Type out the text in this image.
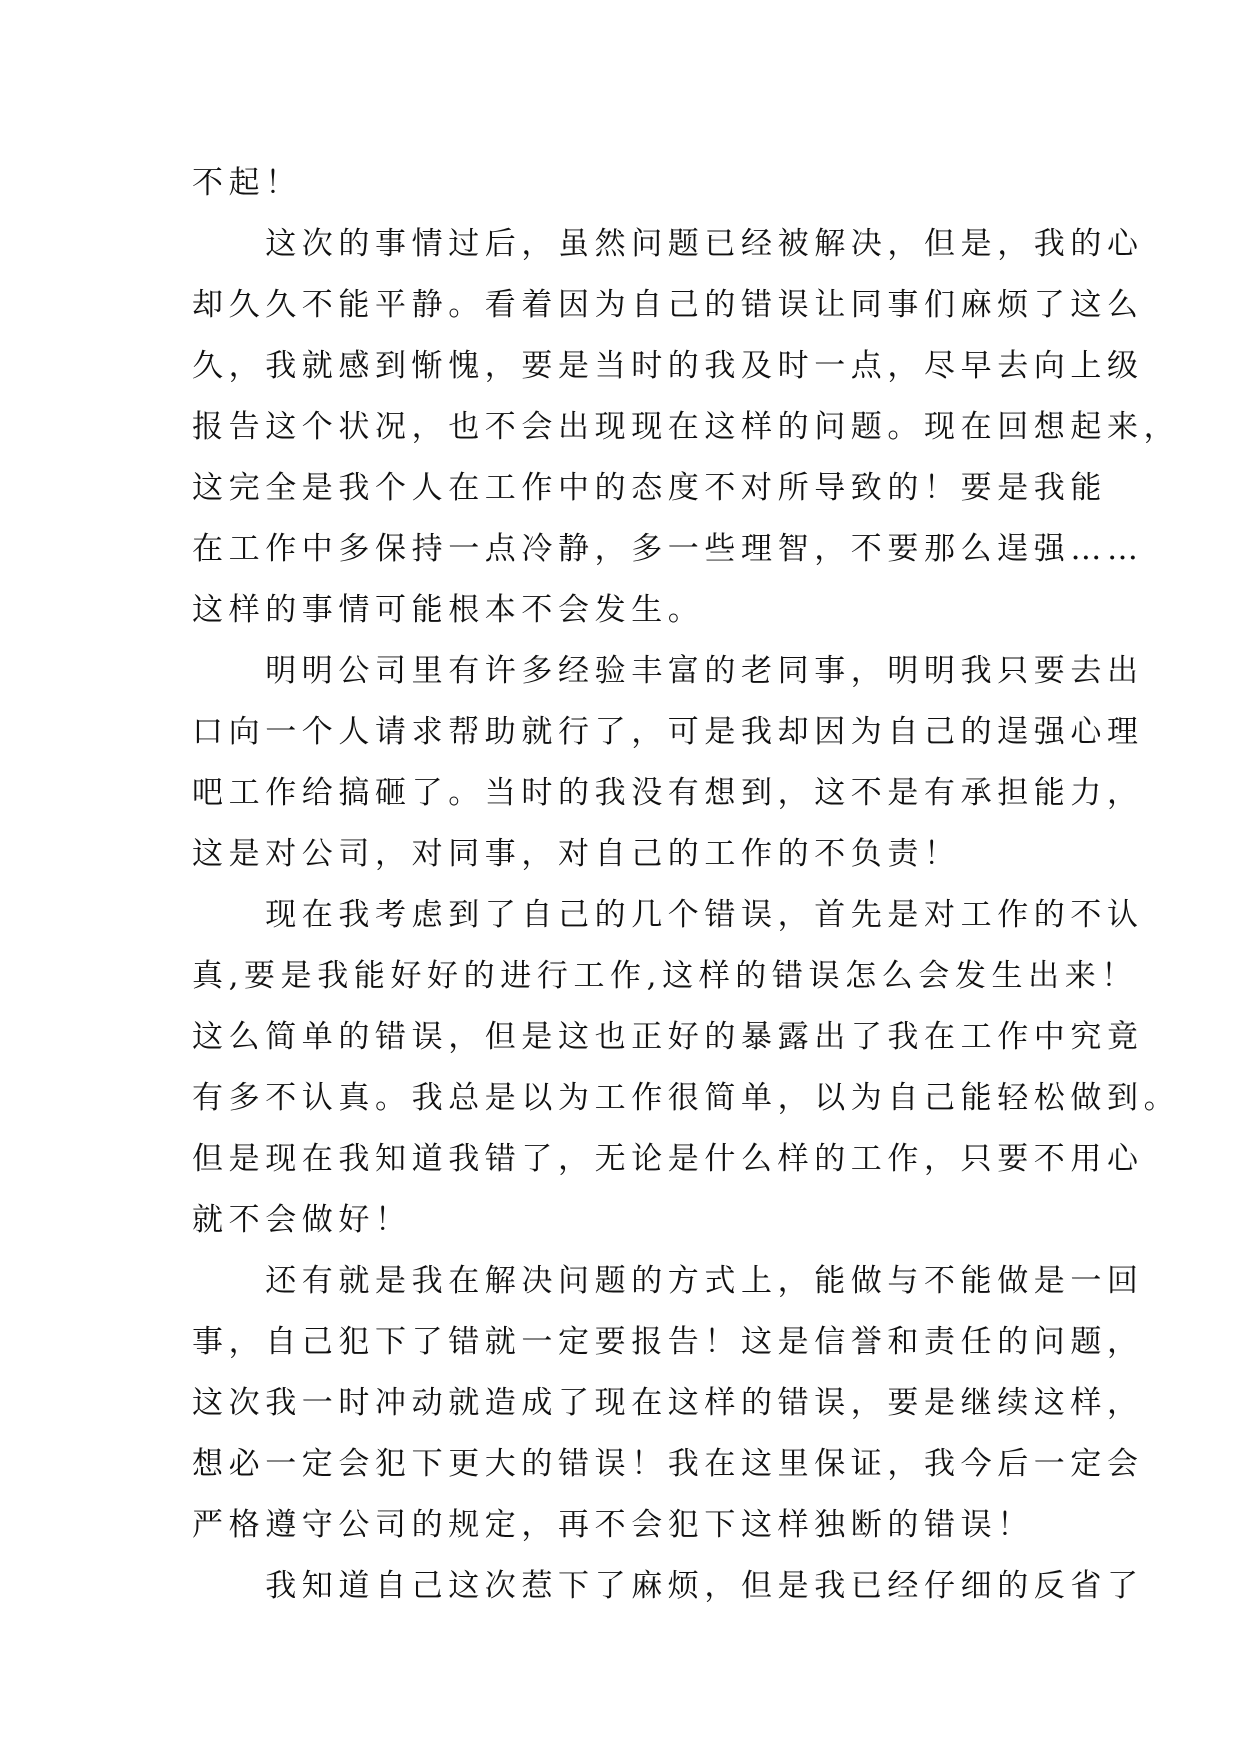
不起！
　　这次的事情过后，虽然问题已经被解决，但是，我的心
却久久不能平静。看着因为自己的错误让同事们麻烦了这么
久，我就感到惭愧，要是当时的我及时一点，尽早去向上级
报告这个状况，也不会出现现在这样的问题。现在回想起来，
这完全是我个人在工作中的态度不对所导致的！要是我能
在工作中多保持一点冷静，多一些理智，不要那么逞强……
这样的事情可能根本不会发生。
　　明明公司里有许多经验丰富的老同事，明明我只要去出
口向一个人请求帮助就行了，可是我却因为自己的逞强心理
吧工作给搞砸了。当时的我没有想到，这不是有承担能力，
这是对公司，对同事，对自己的工作的不负责！
　　现在我考虑到了自己的几个错误，首先是对工作的不认
真,要是我能好好的进行工作,这样的错误怎么会发生出来！
这么简单的错误，但是这也正好的暴露出了我在工作中究竟
有多不认真。我总是以为工作很简单，以为自己能轻松做到。
但是现在我知道我错了，无论是什么样的工作，只要不用心
就不会做好！
　　还有就是我在解决问题的方式上，能做与不能做是一回
事，自己犯下了错就一定要报告！这是信誉和责任的问题，
这次我一时冲动就造成了现在这样的错误，要是继续这样，
想必一定会犯下更大的错误！我在这里保证，我今后一定会
严格遵守公司的规定，再不会犯下这样独断的错误！
　　我知道自己这次惹下了麻烦，但是我已经仔细的反省了
